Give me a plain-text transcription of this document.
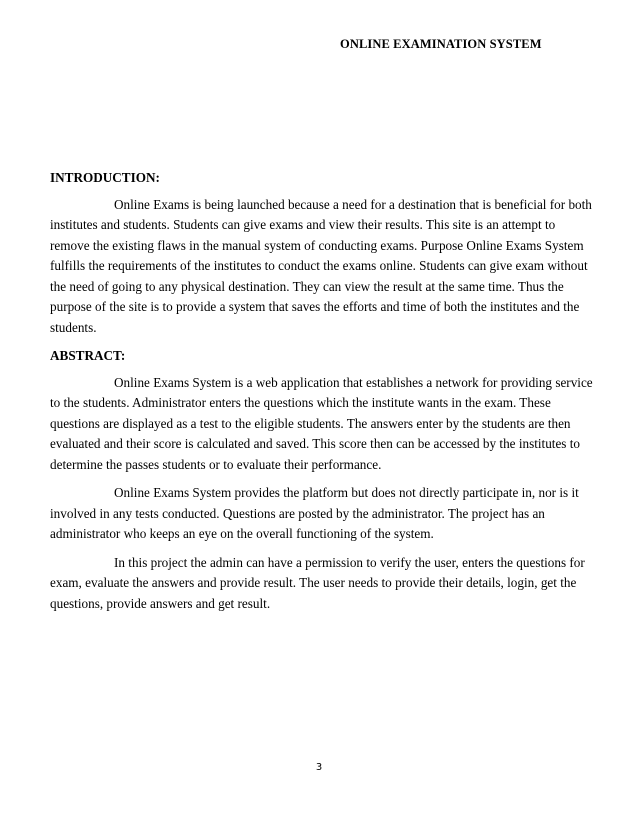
ONLINE EXAMINATION SYSTEM
INTRODUCTION:

Online Exams is being launched because a need for a destination that is beneficial for both institutes and students. Students can give exams and view their results. This site is an attempt to remove the existing flaws in the manual system of conducting exams. Purpose Online Exams System fulfills the requirements of the institutes to conduct the exams online. Students can give exam without the need of going to any physical destination. They can view the result at the same time. Thus the purpose of the site is to provide a system that saves the efforts and time of both the institutes and the students.

ABSTRACT:

Online Exams System is a web application that establishes a network for providing service to the students. Administrator enters the questions which the institute wants in the exam. These questions are displayed as a test to the eligible students. The answers enter by the students are then evaluated and their score is calculated and saved. This score then can be accessed by the institutes to determine the passes students or to evaluate their performance.

Online Exams System provides the platform but does not directly participate in, nor is it involved in any tests conducted. Questions are posted by the administrator. The project has an administrator who keeps an eye on the overall functioning of the system.

In this project the admin can have a permission to verify the user, enters the questions for exam, evaluate the answers and provide result. The user needs to provide their details, login, get the questions, provide answers and get result.

3
